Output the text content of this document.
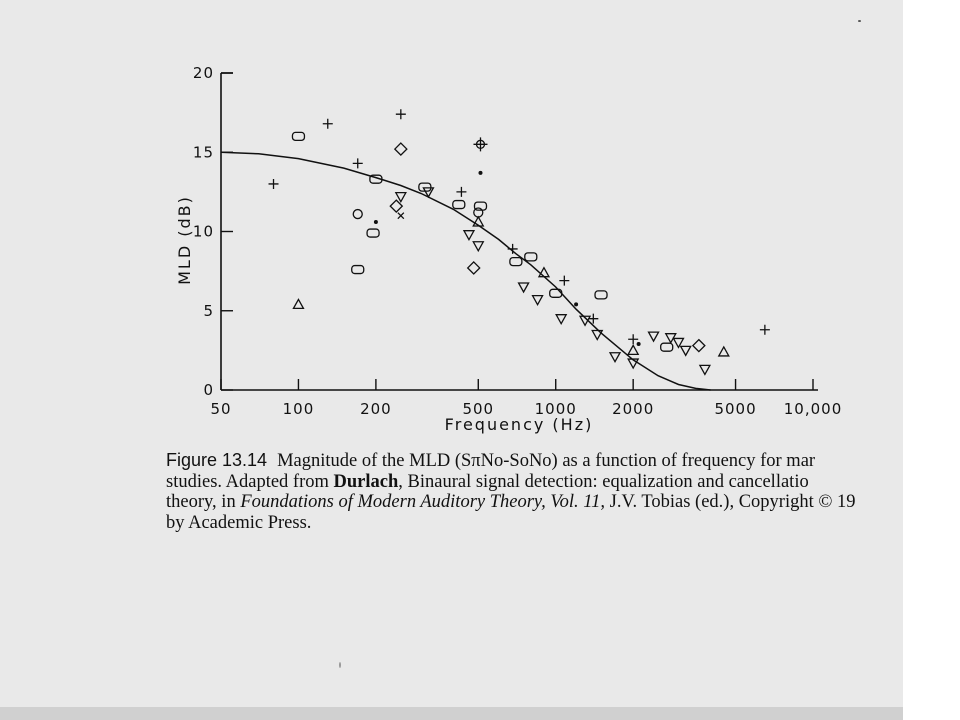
0
5
10
15
20
50	100	200	500	1000 2000	5000 10,000
Frequency (Hz)
MLD (dB)
Figure 13.14 Magnitude of the MLD (SπNo-SoNo) as a function of frequency for mar
studies. Adapted from Durlach, Binaural signal detection: equalization and cancellatio
theory, in Foundations of Modern Auditory Theory, Vol. 11, J.V. Tobias (ed.), Copyright © 19
by Academic Press.
